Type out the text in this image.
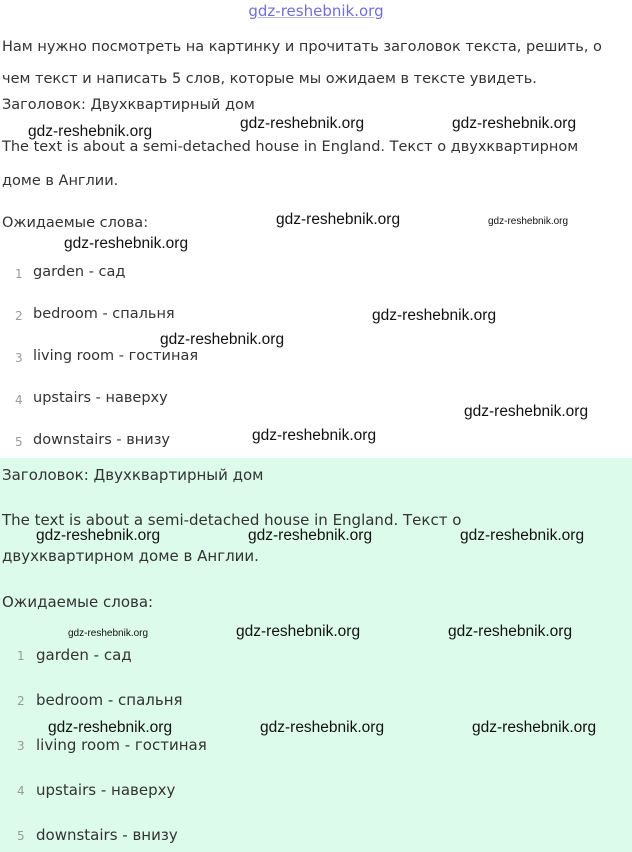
gdz-reshebnik.org
Нам нужно посмотреть на картинку и прочитать заголовок текста, решить, о чем текст и написать 5 слов, которые мы ожидаем в тексте увидеть.
Заголовок: Двухквартирный дом
The text is about a semi-detached house in England. Текст о двухквартирном
доме в Англии.
Ожидаемые слова:
1 garden - сад
2 bedroom - спальня
3 living room - гостиная
4 upstairs - наверху
5 downstairs - внизу
Заголовок: Двухквартирный дом
The text is about a semi-detached house in England. Текст о
двухквартирном доме в Англии.
Ожидаемые слова:
1 garden - сад
2 bedroom - спальня
3 living room - гостиная
4 upstairs - наверху
5 downstairs - внизу
gdz-reshebnik.org	gdz-reshebnik.org	gdz-reshebnik.org
gdz-reshebnik.org	gdz-reshebnik.org
gdz-reshebnik.org
gdz-reshebnik.org
gdz-reshebnik.org
gdz-reshebnik.org
gdz-reshebnik.org
gdz-reshebnik.org	gdz-reshebnik.org	gdz-reshebnik.org
gdz-reshebnik.org	gdz-reshebnik.org	gdz-reshebnik.org
gdz-reshebnik.org	gdz-reshebnik.org	gdz-reshebnik.org
